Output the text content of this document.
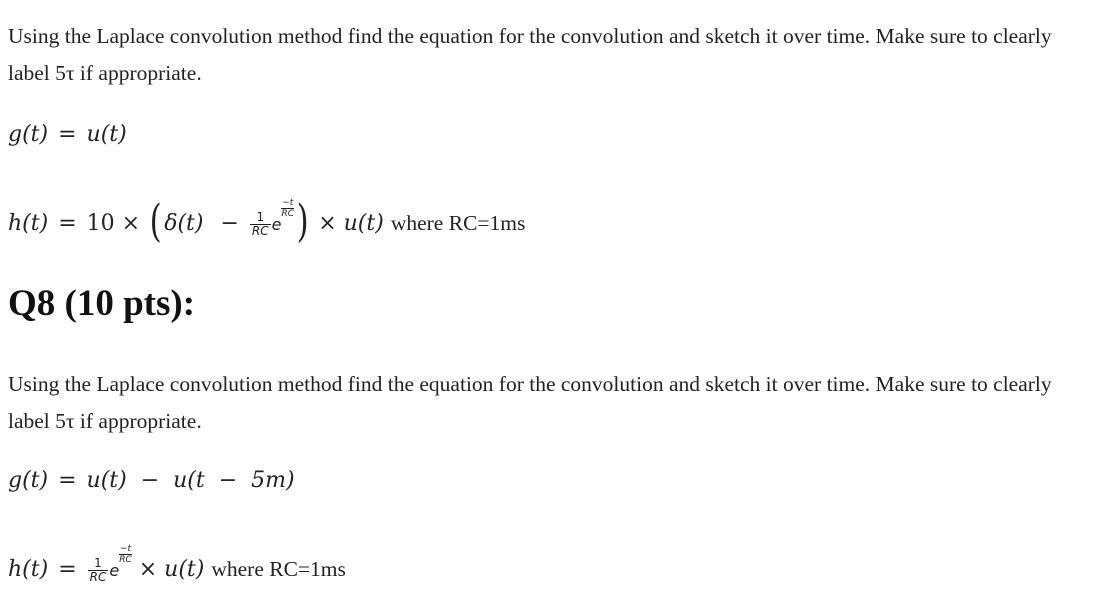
Using the Laplace convolution method find the equation for the convolution and sketch it over time. Make sure to clearly label 5τ if appropriate.
g(t) = u(t)
h(t) = 10 × ( $\delta(t) - \frac{1}{RC}$ e
$\frac{-t}{RC}) \times u(t)$ where RC=1ms
Q8 (10 pts):
Using the Laplace convolution method find the equation for the convolution and sketch it over time. Make sure to clearly label 5τ if appropriate.
g(t) = u(t)  −  u(t  −  5m)
$h(t) = \frac{1}{RC}$ e
$\frac{-t}{RC} \times u(t)$ where RC=1ms
